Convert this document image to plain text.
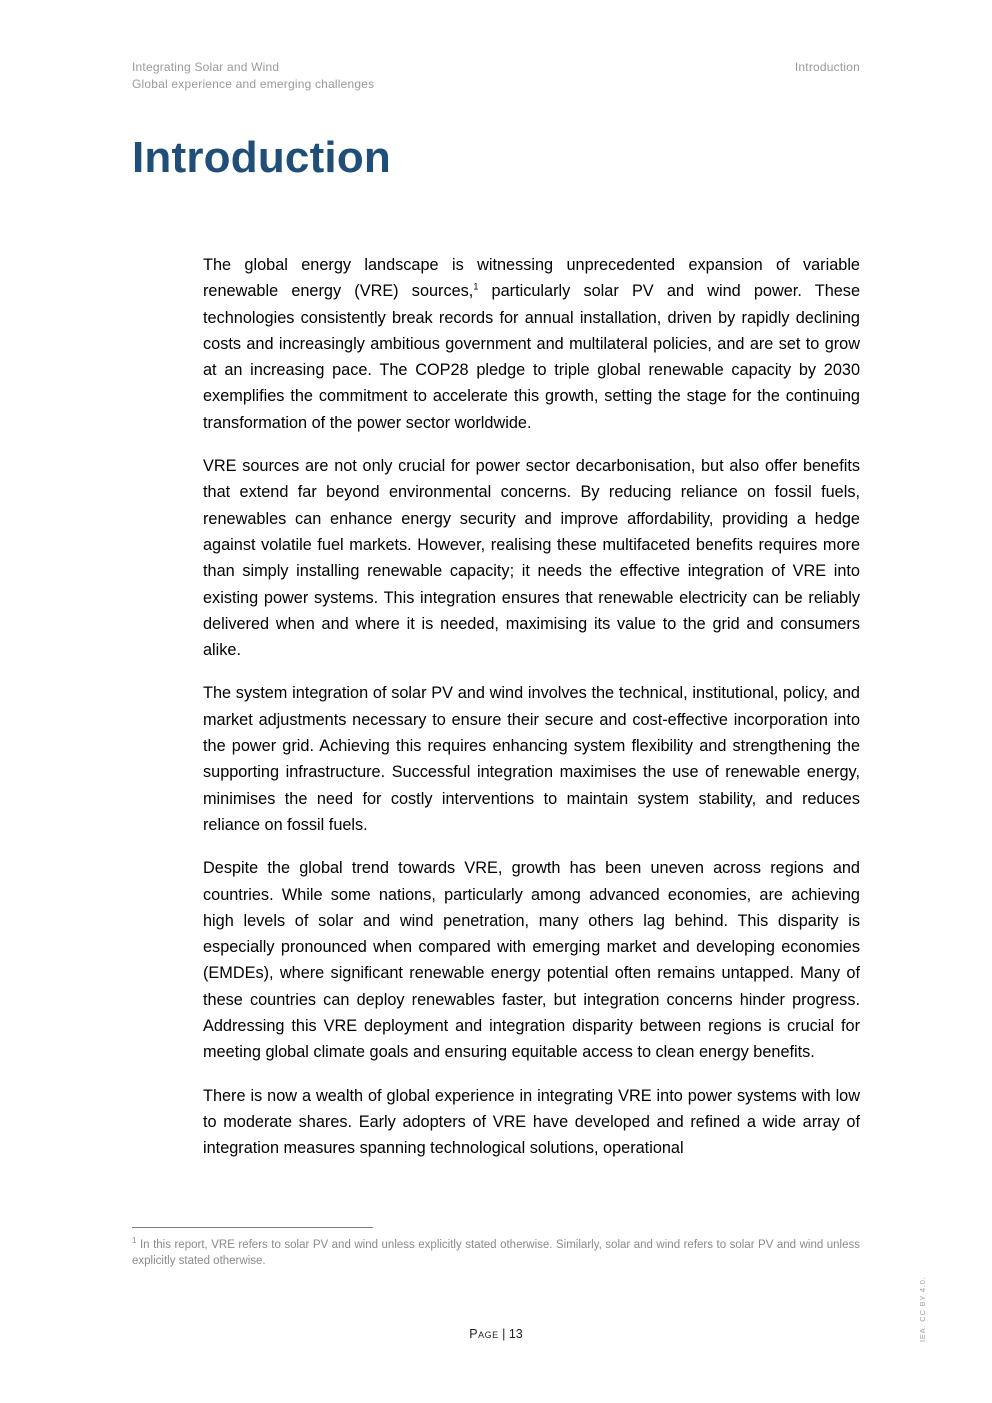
Integrating Solar and Wind
Global experience and emerging challenges
Introduction
Introduction

The global energy landscape is witnessing unprecedented expansion of variable renewable energy (VRE) sources,$^1$ particularly solar PV and wind power. These technologies consistently break records for annual installation, driven by rapidly declining costs and increasingly ambitious government and multilateral policies, and are set to grow at an increasing pace. The COP28 pledge to triple global renewable capacity by 2030 exemplifies the commitment to accelerate this growth, setting the stage for the continuing transformation of the power sector worldwide.

VRE sources are not only crucial for power sector decarbonisation, but also offer benefits that extend far beyond environmental concerns. By reducing reliance on fossil fuels, renewables can enhance energy security and improve affordability, providing a hedge against volatile fuel markets. However, realising these multifaceted benefits requires more than simply installing renewable capacity; it needs the effective integration of VRE into existing power systems. This integration ensures that renewable electricity can be reliably delivered when and where it is needed, maximising its value to the grid and consumers alike.

The system integration of solar PV and wind involves the technical, institutional, policy, and market adjustments necessary to ensure their secure and cost-effective incorporation into the power grid. Achieving this requires enhancing system flexibility and strengthening the supporting infrastructure. Successful integration maximises the use of renewable energy, minimises the need for costly interventions to maintain system stability, and reduces reliance on fossil fuels.

Despite the global trend towards VRE, growth has been uneven across regions and countries. While some nations, particularly among advanced economies, are achieving high levels of solar and wind penetration, many others lag behind. This disparity is especially pronounced when compared with emerging market and developing economies (EMDEs), where significant renewable energy potential often remains untapped. Many of these countries can deploy renewables faster, but integration concerns hinder progress. Addressing this VRE deployment and integration disparity between regions is crucial for meeting global climate goals and ensuring equitable access to clean energy benefits.

There is now a wealth of global experience in integrating VRE into power systems with low to moderate shares. Early adopters of VRE have developed and refined a wide array of integration measures spanning technological solutions, operational

$^1$ In this report, VRE refers to solar PV and wind unless explicitly stated otherwise. Similarly, solar and wind refers to solar PV and wind unless explicitly stated otherwise.

Page | 13	IEA. CC BY 4.0.
